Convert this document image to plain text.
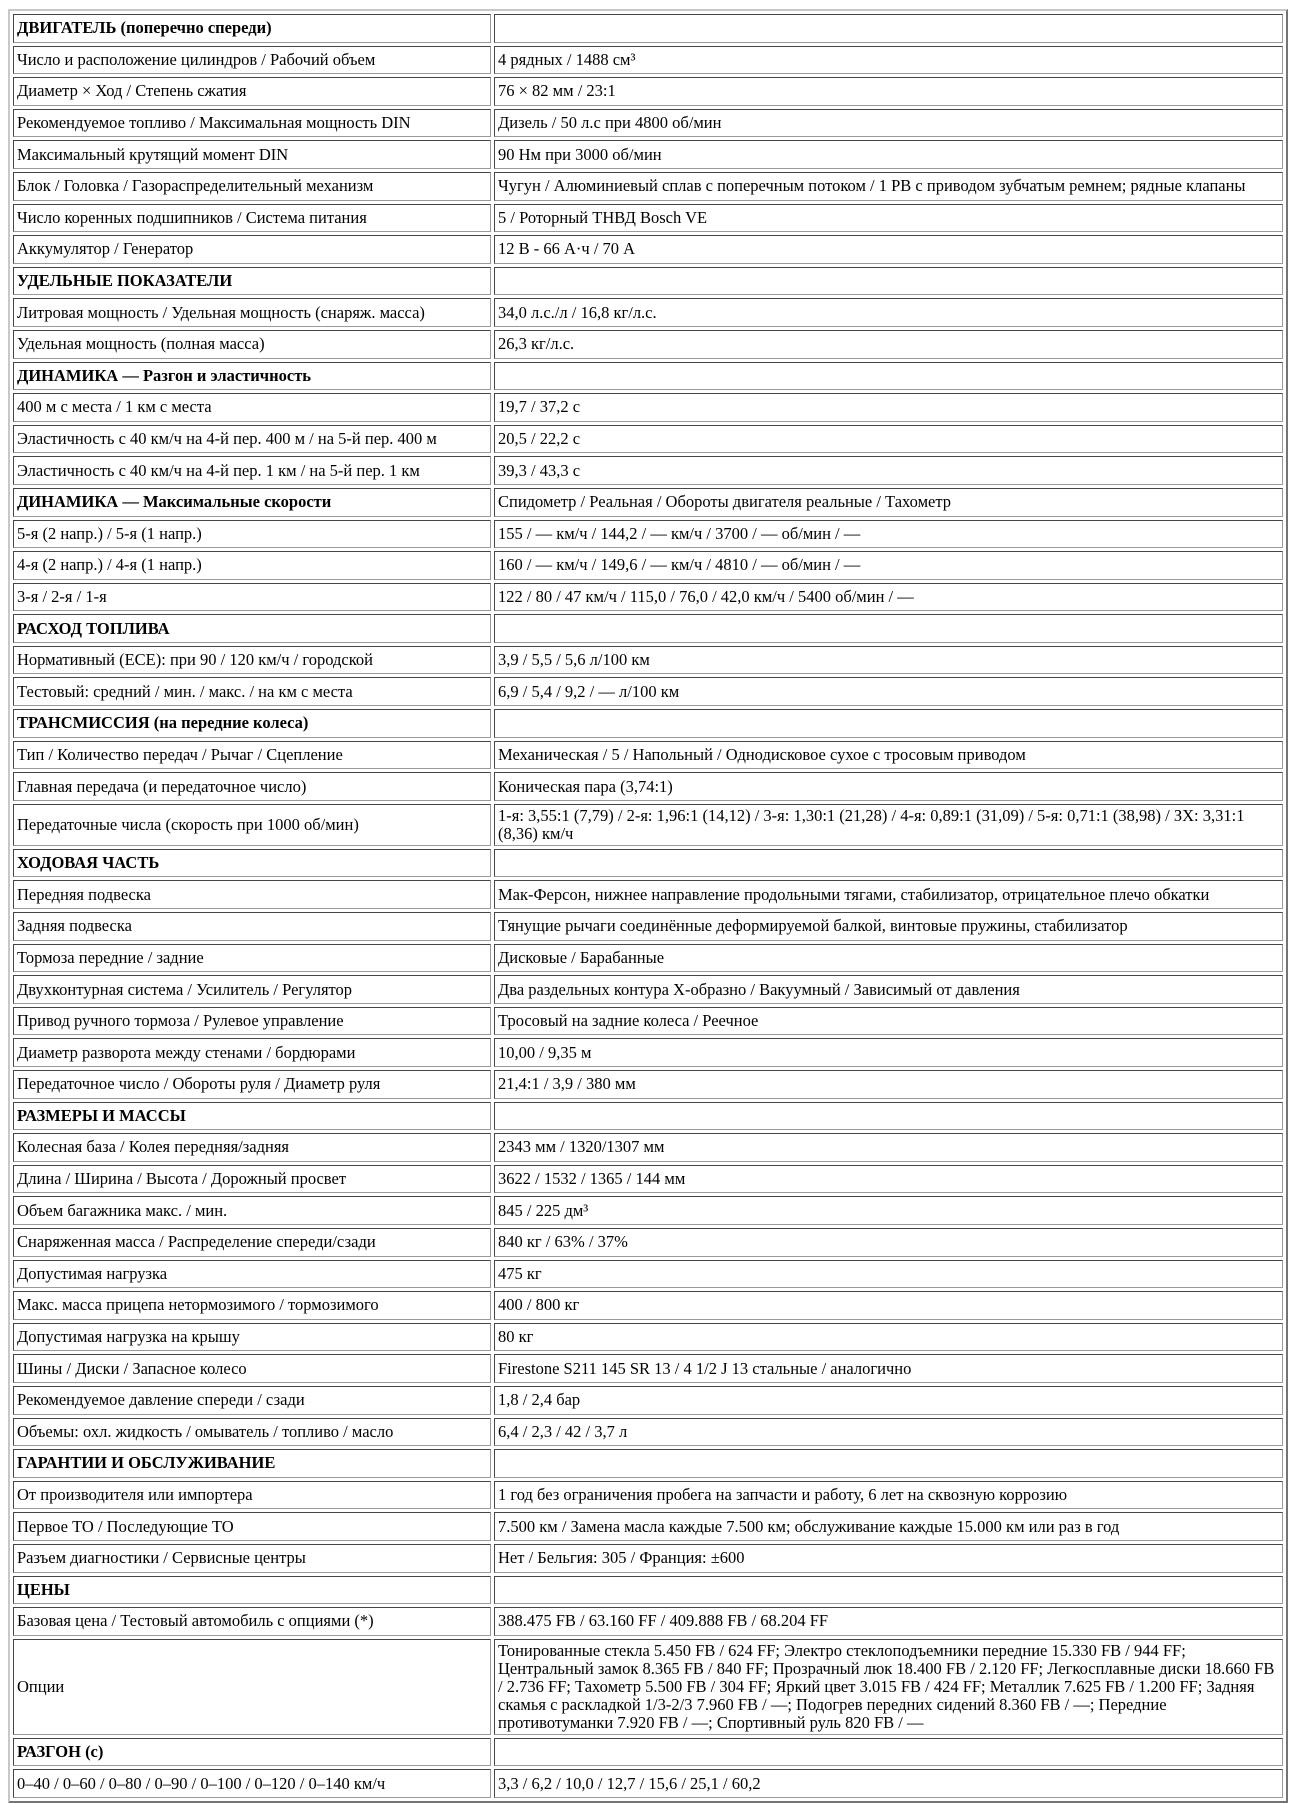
ДВИГАТЕЛЬ (поперечно спереди)	
Число и расположение цилиндров / Рабочий объем	4 рядных / 1488 см³
Диаметр × Ход / Степень сжатия	76 × 82 мм / 23:1
Рекомендуемое топливо / Максимальная мощность DIN	Дизель / 50 л.с при 4800 об/мин
Максимальный крутящий момент DIN	90 Нм при 3000 об/мин
Блок / Головка / Газораспределительный механизм	Чугун / Алюминиевый сплав с поперечным потоком / 1 РВ с приводом зубчатым ремнем; рядные клапаны
Число коренных подшипников / Система питания	5 / Роторный ТНВД Bosch VE
Аккумулятор / Генератор	12 В - 66 А·ч / 70 А
УДЕЛЬНЫЕ ПОКАЗАТЕЛИ	
Литровая мощность / Удельная мощность (снаряж. масса)	34,0 л.с./л / 16,8 кг/л.с.
Удельная мощность (полная масса)	26,3 кг/л.с.
ДИНАМИКА — Разгон и эластичность	
400 м с места / 1 км с места	19,7 / 37,2 с
Эластичность с 40 км/ч на 4-й пер. 400 м / на 5-й пер. 400 м	20,5 / 22,2 с
Эластичность с 40 км/ч на 4-й пер. 1 км / на 5-й пер. 1 км	39,3 / 43,3 с
ДИНАМИКА — Максимальные скорости	Спидометр / Реальная / Обороты двигателя реальные / Тахометр
5-я (2 напр.) / 5-я (1 напр.)	155 / — км/ч / 144,2 / — км/ч / 3700 / — об/мин / —
4-я (2 напр.) / 4-я (1 напр.)	160 / — км/ч / 149,6 / — км/ч / 4810 / — об/мин / —
3-я / 2-я / 1-я	122 / 80 / 47 км/ч / 115,0 / 76,0 / 42,0 км/ч / 5400 об/мин / —
РАСХОД ТОПЛИВА	
Нормативный (ECE): при 90 / 120 км/ч / городской	3,9 / 5,5 / 5,6 л/100 км
Тестовый: средний / мин. / макс. / на км с места	6,9 / 5,4 / 9,2 / — л/100 км
ТРАНСМИССИЯ (на передние колеса)	
Тип / Количество передач / Рычаг / Сцепление	Механическая / 5 / Напольный / Однодисковое сухое с тросовым приводом
Главная передача (и передаточное число)	Коническая пара (3,74:1)
Передаточные числа (скорость при 1000 об/мин)	1-я: 3,55:1 (7,79) / 2-я: 1,96:1 (14,12) / 3-я: 1,30:1 (21,28) / 4-я: 0,89:1 (31,09) / 5-я: 0,71:1 (38,98) / ЗХ: 3,31:1 (8,36) км/ч
ХОДОВАЯ ЧАСТЬ	
Передняя подвеска	Мак-Ферсон, нижнее направление продольными тягами, стабилизатор, отрицательное плечо обкатки
Задняя подвеска	Тянущие рычаги соединённые деформируемой балкой, винтовые пружины, стабилизатор
Тормоза передние / задние	Дисковые / Барабанные
Двухконтурная система / Усилитель / Регулятор	Два раздельных контура X-образно / Вакуумный / Зависимый от давления
Привод ручного тормоза / Рулевое управление	Тросовый на задние колеса / Реечное
Диаметр разворота между стенами / бордюрами	10,00 / 9,35 м
Передаточное число / Обороты руля / Диаметр руля	21,4:1 / 3,9 / 380 мм
РАЗМЕРЫ И МАССЫ	
Колесная база / Колея передняя/задняя	2343 мм / 1320/1307 мм
Длина / Ширина / Высота / Дорожный просвет	3622 / 1532 / 1365 / 144 мм
Объем багажника макс. / мин.	845 / 225 дм³
Снаряженная масса / Распределение спереди/сзади	840 кг / 63% / 37%
Допустимая нагрузка	475 кг
Макс. масса прицепа нетормозимого / тормозимого	400 / 800 кг
Допустимая нагрузка на крышу	80 кг
Шины / Диски / Запасное колесо	Firestone S211 145 SR 13 / 4 1/2 J 13 стальные / аналогично
Рекомендуемое давление спереди / сзади	1,8 / 2,4 бар
Объемы: охл. жидкость / омыватель / топливо / масло	6,4 / 2,3 / 42 / 3,7 л
ГАРАНТИИ И ОБСЛУЖИВАНИЕ	
От производителя или импортера	1 год без ограничения пробега на запчасти и работу, 6 лет на сквозную коррозию
Первое ТО / Последующие ТО	7.500 км / Замена масла каждые 7.500 км; обслуживание каждые 15.000 км или раз в год
Разъем диагностики / Сервисные центры	Нет / Бельгия: 305 / Франция: ±600
ЦЕНЫ	
Базовая цена / Тестовый автомобиль с опциями (*)	388.475 FB / 63.160 FF / 409.888 FB / 68.204 FF
Опции	Тонированные стекла 5.450 FB / 624 FF; Электро стеклоподъемники передние 15.330 FB / 944 FF; Центральный замок 8.365 FB / 840 FF; Прозрачный люк 18.400 FB / 2.120 FF; Легкосплавные диски 18.660 FB / 2.736 FF; Тахометр 5.500 FB / 304 FF; Яркий цвет 3.015 FB / 424 FF; Металлик 7.625 FB / 1.200 FF; Задняя скамья с раскладкой 1/3-2/3 7.960 FB / —; Подогрев передних сидений 8.360 FB / —; Передние противотуманки 7.920 FB / —; Спортивный руль 820 FB / —
РАЗГОН (с)	
0–40 / 0–60 / 0–80 / 0–90 / 0–100 / 0–120 / 0–140 км/ч	3,3 / 6,2 / 10,0 / 12,7 / 15,6 / 25,1 / 60,2
